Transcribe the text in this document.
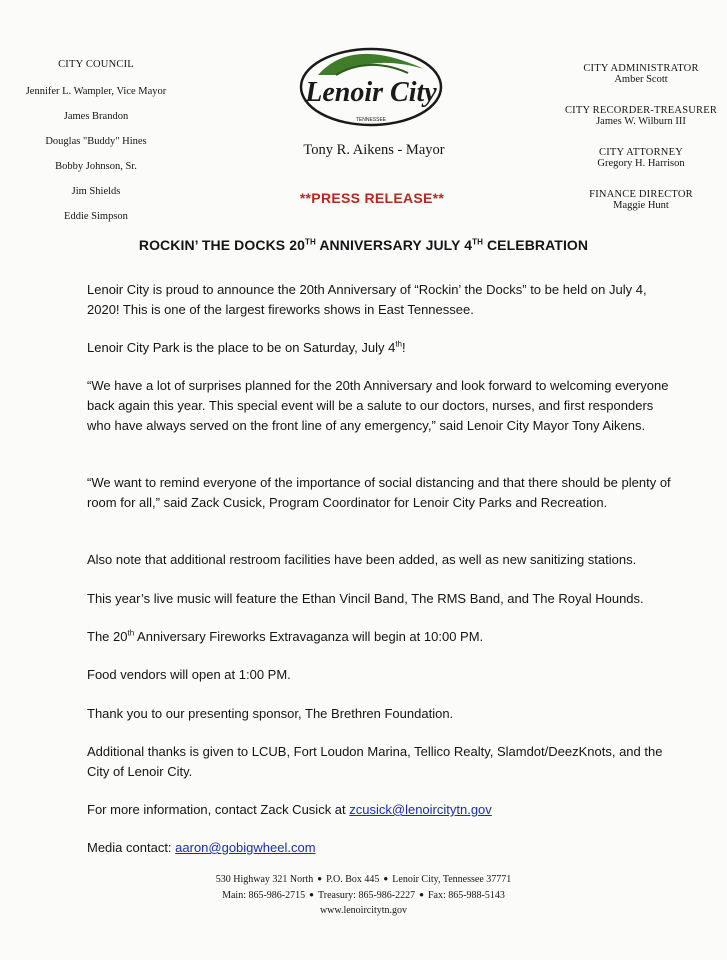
CITY COUNCIL
Jennifer L. Wampler, Vice Mayor
James Brandon
Douglas "Buddy" Hines
Bobby Johnson, Sr.
Jim Shields
Eddie Simpson
Lenoir City
TENNESSEE
Tony R. Aikens - Mayor
**PRESS RELEASE**
CITY ADMINISTRATOR
Amber Scott
CITY RECORDER-TREASURER
James W. Wilburn III
CITY ATTORNEY
Gregory H. Harrison
FINANCE DIRECTOR
Maggie Hunt
ROCKIN’ THE DOCKS 20TH ANNIVERSARY JULY 4TH CELEBRATION
Lenoir City is proud to announce the 20th Anniversary of “Rockin’ the Docks” to be held on July 4, 2020! This is one of the largest fireworks shows in East Tennessee.
Lenoir City Park is the place to be on Saturday, July 4th!
“We have a lot of surprises planned for the 20th Anniversary and look forward to welcoming everyone back again this year. This special event will be a salute to our doctors, nurses, and first responders who have always served on the front line of any emergency,” said Lenoir City Mayor Tony Aikens.
“We want to remind everyone of the importance of social distancing and that there should be plenty of room for all,” said Zack Cusick, Program Coordinator for Lenoir City Parks and Recreation.
Also note that additional restroom facilities have been added, as well as new sanitizing stations.
This year’s live music will feature the Ethan Vincil Band, The RMS Band, and The Royal Hounds.
The 20th Anniversary Fireworks Extravaganza will begin at 10:00 PM.
Food vendors will open at 1:00 PM.
Thank you to our presenting sponsor, The Brethren Foundation.
Additional thanks is given to LCUB, Fort Loudon Marina, Tellico Realty, Slamdot/DeezKnots, and the City of Lenoir City.
For more information, contact Zack Cusick at zcusick@lenoircitytn.gov
Media contact: aaron@gobigwheel.com
530 Highway 321 North ● P.O. Box 445 ● Lenoir City, Tennessee 37771
Main: 865-986-2715 ● Treasury: 865-986-2227 ● Fax: 865-988-5143
www.lenoircitytn.gov
